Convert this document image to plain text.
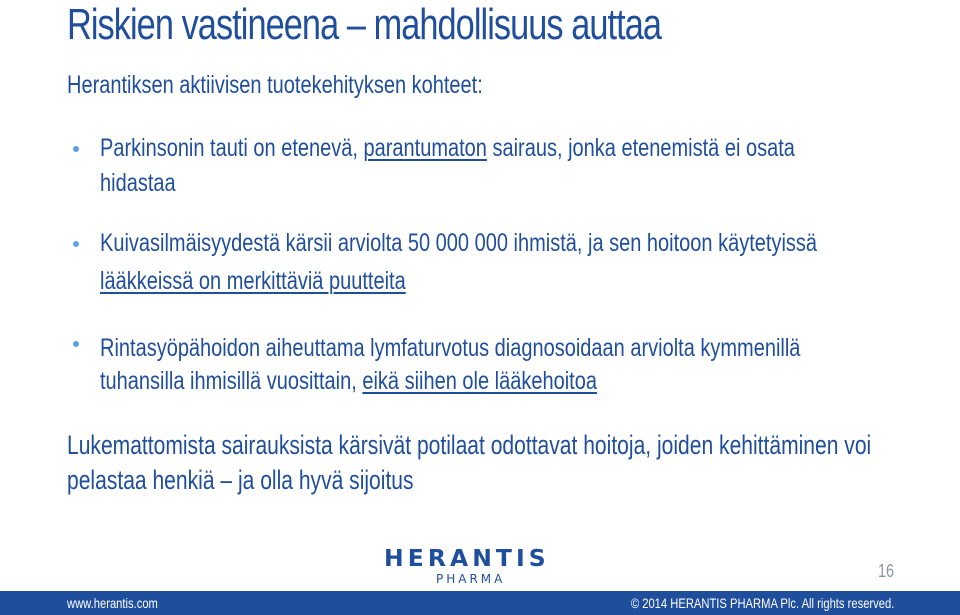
Riskien vastineena – mahdollisuus auttaa
Herantiksen aktiivisen tuotekehityksen kohteet:
Parkinsonin tauti on etenevä, parantumaton sairaus, jonka etenemistä ei osata
hidastaa
Kuivasilmäisyydestä kärsii arviolta 50 000 000 ihmistä, ja sen hoitoon käytetyissä
lääkkeissä on merkittäviä puutteita
Rintasyöpähoidon aiheuttama lymfaturvotus diagnosoidaan arviolta kymmenillä
tuhansilla ihmisillä vuosittain, eikä siihen ole lääkehoitoa
Lukemattomista sairauksista kärsivät potilaat odottavat hoitoja, joiden kehittäminen voi
pelastaa henkiä – ja olla hyvä sijoitus
HERANTIS
PHARMA	16
www.herantis.com	© 2014 HERANTIS PHARMA Plc. All rights reserved.
